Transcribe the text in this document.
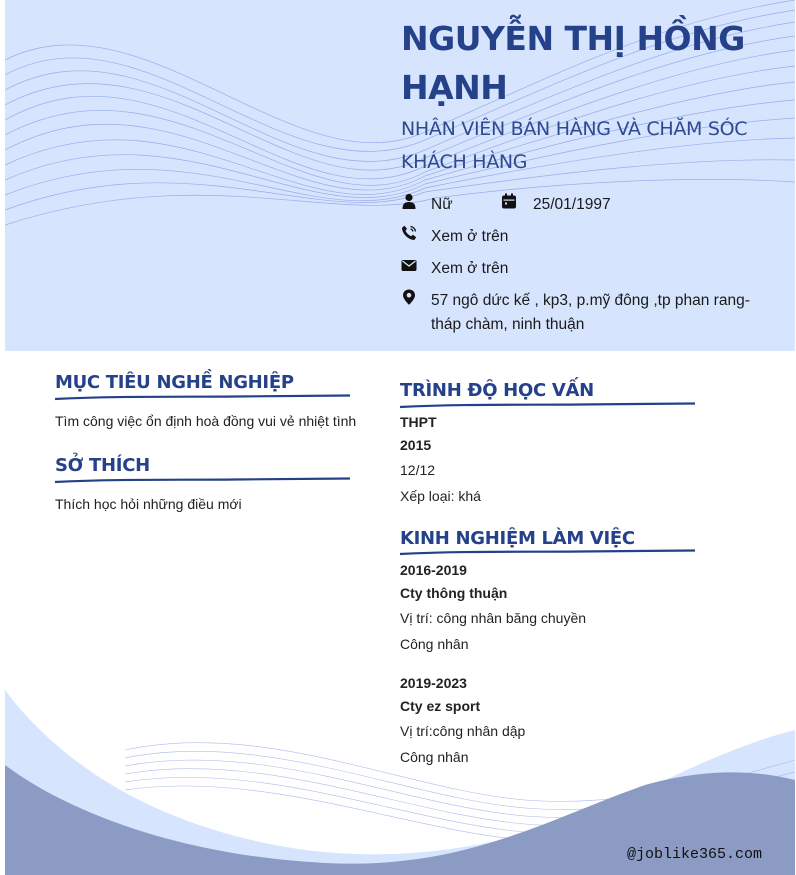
NGUYỄN THỊ HỒNG HẠNH
NHÂN VIÊN BÁN HÀNG VÀ CHĂM SÓC KHÁCH HÀNG
Nữ	25/01/1997
Xem ở trên
Xem ở trên
57 ngô dức kế , kp3, p.mỹ đông ,tp phan rang-tháp chàm, ninh thuận
MỤC TIÊU NGHỀ NGHIỆP
Tìm công việc ổn định hoà đồng vui vẻ nhiệt tình
SỞ THÍCH
Thích học hỏi những điều mới
TRÌNH ĐỘ HỌC VẤN
THPT
2015
12/12
Xếp loại: khá
KINH NGHIỆM LÀM VIỆC
2016-2019
Cty thông thuận
Vị trí: công nhân băng chuyền
Công nhân
2019-2023
Cty ez sport
Vị trí:công nhân dập
Công nhân
@joblike365.com
